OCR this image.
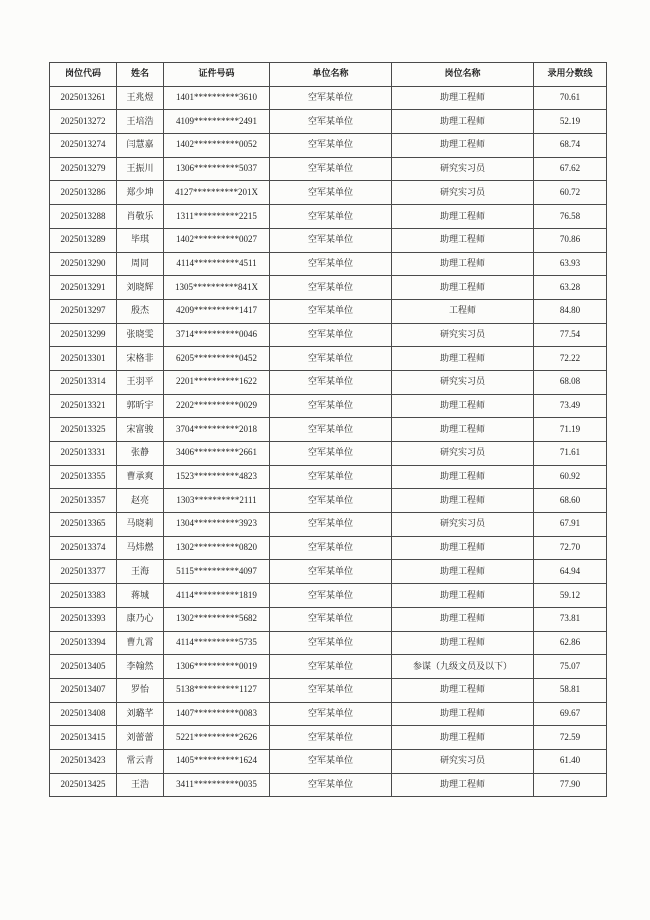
岗位代码	姓名	证件号码	单位名称	岗位名称	录用分数线
2025013261	王兆煜	1401**********3610	空军某单位	助理工程师	70.61
2025013272	王培浩	4109**********2491	空军某单位	助理工程师	52.19
2025013274	闫慧嘉	1402**********0052	空军某单位	助理工程师	68.74
2025013279	王振川	1306**********5037	空军某单位	研究实习员	67.62
2025013286	郑少坤	4127**********201X	空军某单位	研究实习员	60.72
2025013288	肖敬乐	1311**********2215	空军某单位	助理工程师	76.58
2025013289	毕琪	1402**********0027	空军某单位	助理工程师	70.86
2025013290	周同	4114**********4511	空军某单位	助理工程师	63.93
2025013291	刘晓辉	1305**********841X	空军某单位	助理工程师	63.28
2025013297	殷杰	4209**********1417	空军某单位	工程师	84.80
2025013299	张晓雯	3714**********0046	空军某单位	研究实习员	77.54
2025013301	宋格非	6205**********0452	空军某单位	助理工程师	72.22
2025013314	王羽平	2201**********1622	空军某单位	研究实习员	68.08
2025013321	郭昕宇	2202**********0029	空军某单位	助理工程师	73.49
2025013325	宋富骏	3704**********2018	空军某单位	助理工程师	71.19
2025013331	张静	3406**********2661	空军某单位	研究实习员	71.61
2025013355	曹承爽	1523**********4823	空军某单位	助理工程师	60.92
2025013357	赵亮	1303**********2111	空军某单位	助理工程师	68.60
2025013365	马晓莉	1304**********3923	空军某单位	研究实习员	67.91
2025013374	马炜燃	1302**********0820	空军某单位	助理工程师	72.70
2025013377	王海	5115**********4097	空军某单位	助理工程师	64.94
2025013383	蒋城	4114**********1819	空军某单位	助理工程师	59.12
2025013393	康乃心	1302**********5682	空军某单位	助理工程师	73.81
2025013394	曹九霄	4114**********5735	空军某单位	助理工程师	62.86
2025013405	李翰然	1306**********0019	空军某单位	参谋（九级文员及以下）	75.07
2025013407	罗怡	5138**********1127	空军某单位	助理工程师	58.81
2025013408	刘璐芊	1407**********0083	空军某单位	助理工程师	69.67
2025013415	刘蕾蕾	5221**********2626	空军某单位	助理工程师	72.59
2025013423	常云青	1405**********1624	空军某单位	研究实习员	61.40
2025013425	王浩	3411**********0035	空军某单位	助理工程师	77.90
